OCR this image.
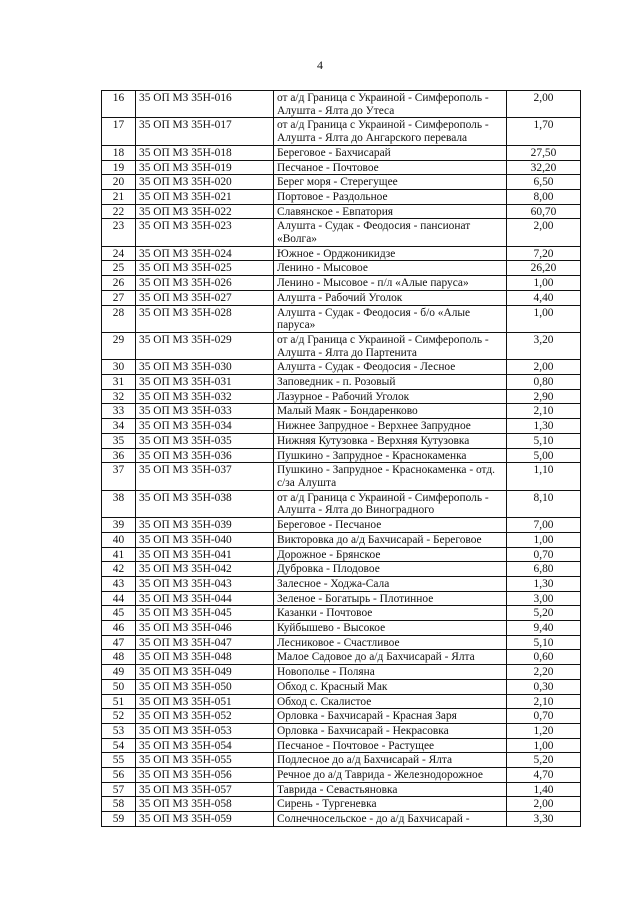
4
16	35 ОП МЗ 35Н-016	от а/д Граница с Украиной - Симферополь - Алушта - Ялта до Утеса	2,00
17	35 ОП МЗ 35Н-017	от а/д Граница с Украиной - Симферополь - Алушта - Ялта до Ангарского перевала	1,70
18	35 ОП МЗ 35Н-018	Береговое - Бахчисарай	27,50
19	35 ОП МЗ 35Н-019	Песчаное - Почтовое	32,20
20	35 ОП МЗ 35Н-020	Берег моря - Стерегущее	6,50
21	35 ОП МЗ 35Н-021	Портовое - Раздольное	8,00
22	35 ОП МЗ 35Н-022	Славянское - Евпатория	60,70
23	35 ОП МЗ 35Н-023	Алушта - Судак - Феодосия - пансионат «Волга»	2,00
24	35 ОП МЗ 35Н-024	Южное - Орджоникидзе	7,20
25	35 ОП МЗ 35Н-025	Ленино - Мысовое	26,20
26	35 ОП МЗ 35Н-026	Ленино - Мысовое - п/л «Алые паруса»	1,00
27	35 ОП МЗ 35Н-027	Алушта - Рабочий Уголок	4,40
28	35 ОП МЗ 35Н-028	Алушта - Судак - Феодосия - б/о «Алые паруса»	1,00
29	35 ОП МЗ 35Н-029	от а/д Граница с Украиной - Симферополь - Алушта - Ялта до Партенита	3,20
30	35 ОП МЗ 35Н-030	Алушта - Судак - Феодосия - Лесное	2,00
31	35 ОП МЗ 35Н-031	Заповедник - п. Розовый	0,80
32	35 ОП МЗ 35Н-032	Лазурное - Рабочий Уголок	2,90
33	35 ОП МЗ 35Н-033	Малый Маяк - Бондаренково	2,10
34	35 ОП МЗ 35Н-034	Нижнее Запрудное - Верхнее Запрудное	1,30
35	35 ОП МЗ 35Н-035	Нижняя Кутузовка - Верхняя Кутузовка	5,10
36	35 ОП МЗ 35Н-036	Пушкино - Запрудное - Краснокаменка	5,00
37	35 ОП МЗ 35Н-037	Пушкино - Запрудное - Краснокаменка - отд. с/за Алушта	1,10
38	35 ОП МЗ 35Н-038	от а/д Граница с Украиной - Симферополь - Алушта - Ялта до Виноградного	8,10
39	35 ОП МЗ 35Н-039	Береговое - Песчаное	7,00
40	35 ОП МЗ 35Н-040	Викторовка до а/д Бахчисарай - Береговое	1,00
41	35 ОП МЗ 35Н-041	Дорожное - Брянское	0,70
42	35 ОП МЗ 35Н-042	Дубровка - Плодовое	6,80
43	35 ОП МЗ 35Н-043	Залесное - Ходжа-Сала	1,30
44	35 ОП МЗ 35Н-044	Зеленое - Богатырь - Плотинное	3,00
45	35 ОП МЗ 35Н-045	Казанки - Почтовое	5,20
46	35 ОП МЗ 35Н-046	Куйбышево - Высокое	9,40
47	35 ОП МЗ 35Н-047	Лесниковое - Счастливое	5,10
48	35 ОП МЗ 35Н-048	Малое Садовое до а/д Бахчисарай - Ялта	0,60
49	35 ОП МЗ 35Н-049	Новополье - Поляна	2,20
50	35 ОП МЗ 35Н-050	Обход с. Красный Мак	0,30
51	35 ОП МЗ 35Н-051	Обход с. Скалистое	2,10
52	35 ОП МЗ 35Н-052	Орловка - Бахчисарай - Красная Заря	0,70
53	35 ОП МЗ 35Н-053	Орловка - Бахчисарай - Некрасовка	1,20
54	35 ОП МЗ 35Н-054	Песчаное - Почтовое - Растущее	1,00
55	35 ОП МЗ 35Н-055	Подлесное до а/д Бахчисарай - Ялта	5,20
56	35 ОП МЗ 35Н-056	Речное до а/д Таврида - Железнодорожное	4,70
57	35 ОП МЗ 35Н-057	Таврида - Севастьяновка	1,40
58	35 ОП МЗ 35Н-058	Сирень - Тургеневка	2,00
59	35 ОП МЗ 35Н-059	Солнечносельское - до а/д Бахчисарай -	3,30
